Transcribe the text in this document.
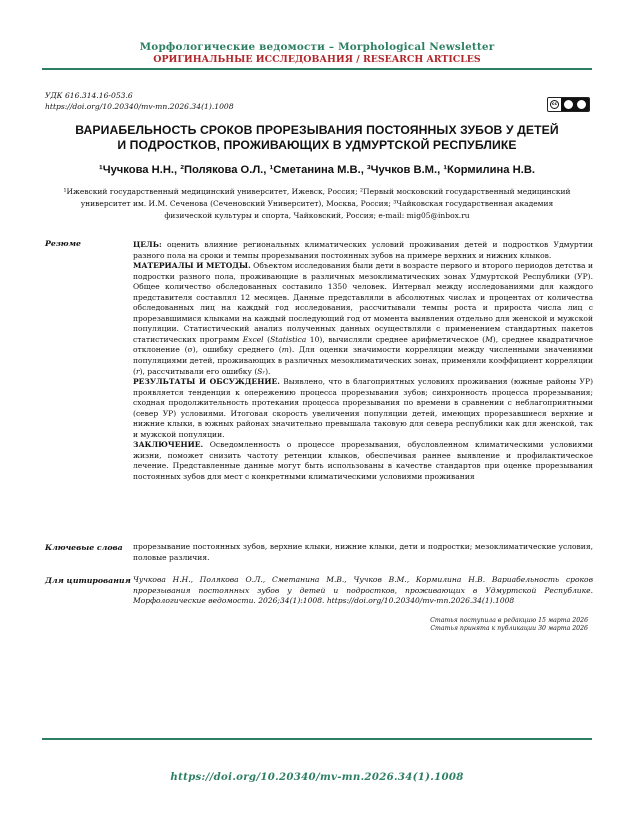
Морфологические ведомости – Morphological Newsletter
ОРИГИНАЛЬНЫЕ ИССЛЕДОВАНИЯ / RESEARCH ARTICLES
УДК 616.314.16-053.6
https://doi.org/10.20340/mv-mn.2026.34(1).1008	cc
ВАРИАБЕЛЬНОСТЬ СРОКОВ ПРОРЕЗЫВАНИЯ ПОСТОЯННЫХ ЗУБОВ У ДЕТЕЙ
И ПОДРОСТКОВ, ПРОЖИВАЮЩИХ В УДМУРТСКОЙ РЕСПУБЛИКЕ
¹Чучкова Н.Н., ²Полякова О.Л., ¹Сметанина М.В., ³Чучков В.М., ¹Кормилина Н.В.
¹Ижевский государственный медицинский университет, Ижевск, Россия; ²Первый московский государственный медицинский
университет им. И.М. Сеченова (Сеченовский Университет), Москва, Россия; ³Чайковская государственная академия
физической культуры и спорта, Чайковский, Россия; e-mail: mig05@inbox.ru
Резюме	ЦЕЛЬ: оценить влияние региональных климатических условий проживания детей и подростков Удмуртии разного пола на сроки и темпы прорезывания постоянных зубов на примере верхних и нижних клыков.

МАТЕРИАЛЫ И МЕТОДЫ. Объектом исследования были дети в возрасте первого и второго периодов детства и подростки разного пола, проживающие в различных мезоклиматических зонах Удмуртской Республики (УР). Общее количество обследованных составило 1350 человек. Интервал между исследованиями для каждого представителя составлял 12 месяцев. Данные представляли в абсолютных числах и процентах от количества обследованных лиц на каждый год исследования, рассчитывали темпы роста и прироста числа лиц с прорезавшимися клыками на каждый последующий год от момента выявления отдельно для женской и мужской популяции. Статистический анализ полученных данных осуществляли с применением стандартных пакетов статистических программ Excel (Statistica 10), вычисляли среднее арифметическое (M), среднее квадратичное отклонение (σ), ошибку среднего (m). Для оценки значимости корреляции между численными значениями популяциями детей, проживающих в различных мезоклиматических зонах, применяли коэффициент корреляции (r), рассчитывали его ошибку (Sᵣ).

РЕЗУЛЬТАТЫ И ОБСУЖДЕНИЕ. Выявлено, что в благоприятных условиях проживания (южные районы УР) проявляется тенденция к опережению процесса прорезывания зубов; синхронность процесса прорезывания; сходная продолжительность протекания процесса прорезывания по времени в сравнении с неблагоприятными (север УР) условиями. Итоговая скорость увеличения популяции детей, имеющих прорезавшиеся верхние и нижние клыки, в южных районах значительно превышала таковую для севера республики как для женской, так и мужской популяции.

ЗАКЛЮЧЕНИЕ. Осведомленность о процессе прорезывания, обусловленном климатическими условиями жизни, поможет снизить частоту ретенции клыков, обеспечивая раннее выявление и профилактическое лечение. Представленные данные могут быть использованы в качестве стандартов при оценке прорезывания постоянных зубов для мест с конкретными климатическими условиями проживания

Ключевые слова прорезывание постоянных зубов, верхние клыки, нижние клыки, дети и подростки; мезоклиматические условия, половые различия.
Для цитирования Чучкова Н.Н., Полякова О.Л., Сметанина М.В., Чучков В.М., Кормилина Н.В. Вариабельность сроков прорезывания постоянных зубов у детей и подростков, проживающих в Удмуртской Республике. Морфологические ведомости. 2026;34(1):1008. https://doi.org/10.20340/mv-mn.2026.34(1).1008
Статья поступила в редакцию 15 марта 2026
Статья принята к публикации 30 марта 2026
https://doi.org/10.20340/mv-mn.2026.34(1).1008
